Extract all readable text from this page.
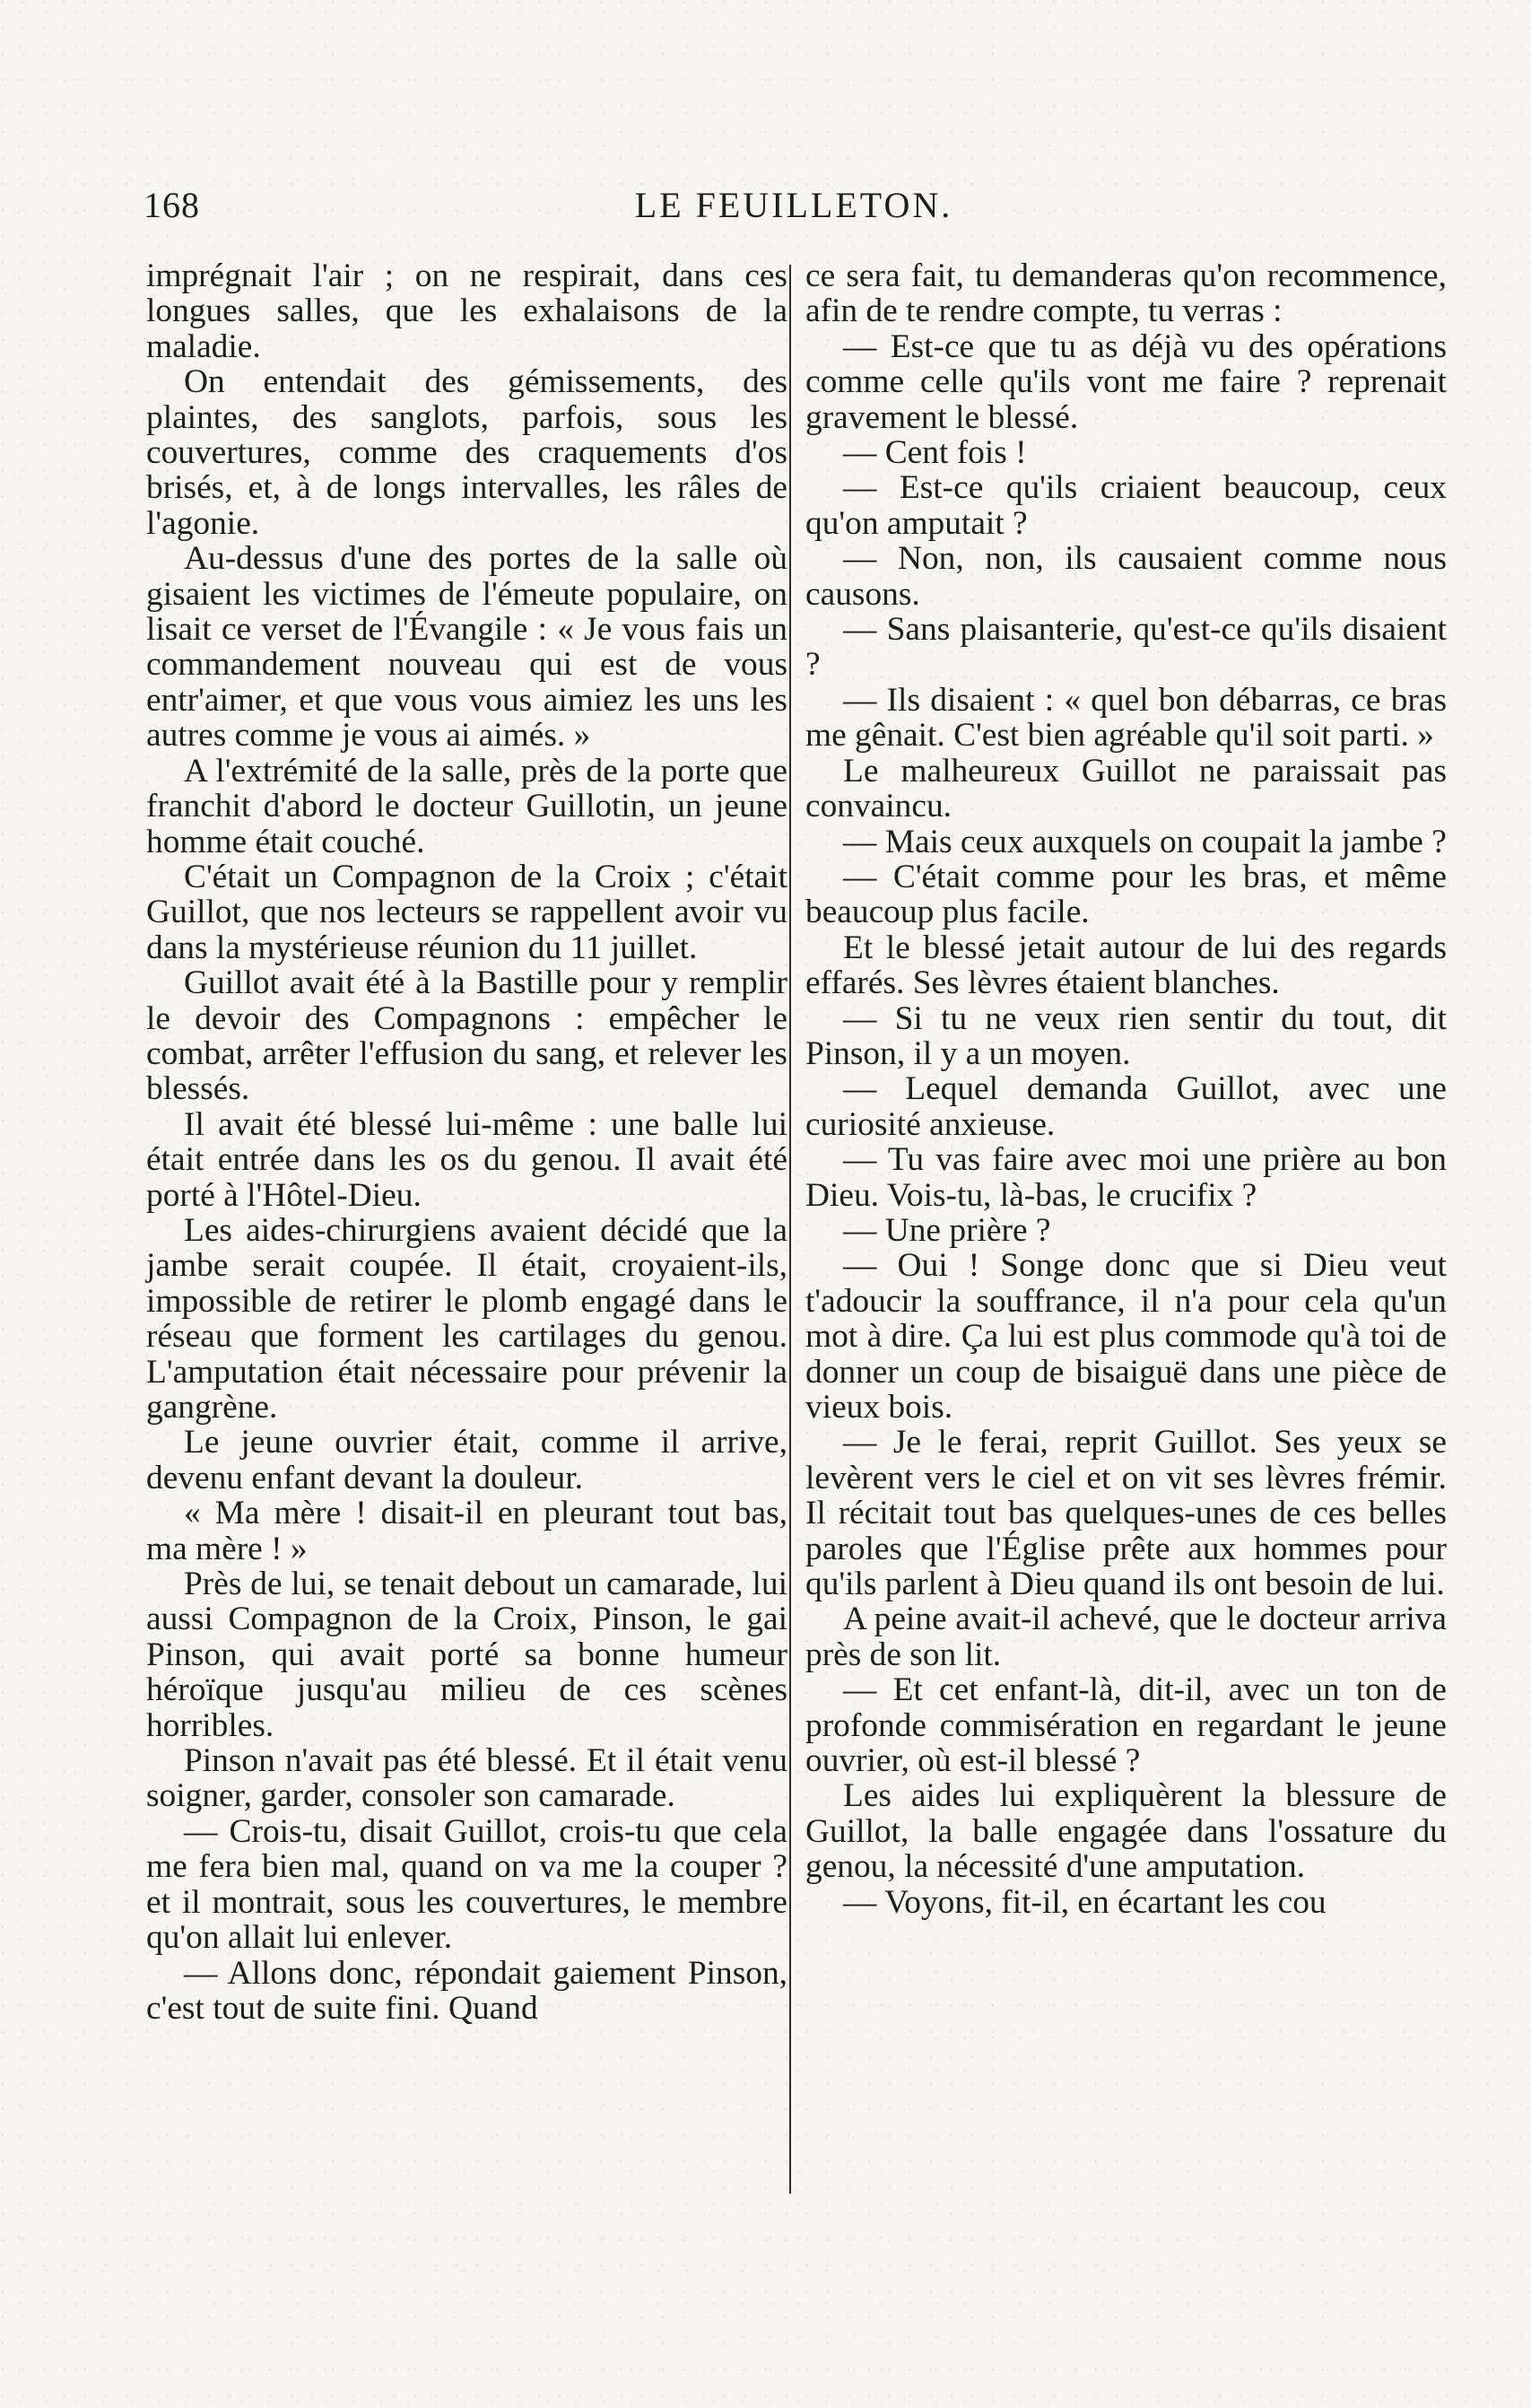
168	LE FEUILLETON.

imprégnait l'air ; on ne respirait, dans ces longues salles, que les exhalaisons de la maladie.

On entendait des gémissements, des plaintes, des sanglots, parfois, sous les couvertures, comme des craquements d'os brisés, et, à de longs intervalles, les râles de l'agonie.

Au-dessus d'une des portes de la salle où gisaient les victimes de l'émeute populaire, on lisait ce verset de l'Évangile : « Je vous fais un commandement nouveau qui est de vous entr'aimer, et que vous vous aimiez les uns les autres comme je vous ai aimés. »

A l'extrémité de la salle, près de la porte que franchit d'abord le docteur Guillotin, un jeune homme était couché.

C'était un Compagnon de la Croix ; c'était Guillot, que nos lecteurs se rappellent avoir vu dans la mystérieuse réunion du 11 juillet.

Guillot avait été à la Bastille pour y remplir le devoir des Compagnons : empêcher le combat, arrêter l'effusion du sang, et relever les blessés.

Il avait été blessé lui-même : une balle lui était entrée dans les os du genou. Il avait été porté à l'Hôtel-Dieu.

Les aides-chirurgiens avaient décidé que la jambe serait coupée. Il était, croyaient-ils, impossible de retirer le plomb engagé dans le réseau que forment les cartilages du genou. L'amputation était nécessaire pour prévenir la gangrène.

Le jeune ouvrier était, comme il arrive, devenu enfant devant la douleur.

« Ma mère ! disait-il en pleurant tout bas, ma mère ! »

Près de lui, se tenait debout un camarade, lui aussi Compagnon de la Croix, Pinson, le gai Pinson, qui avait porté sa bonne humeur héroïque jusqu'au milieu de ces scènes horribles.

Pinson n'avait pas été blessé. Et il était venu soigner, garder, consoler son camarade.

— Crois-tu, disait Guillot, crois-tu que cela me fera bien mal, quand on va me la couper ? et il montrait, sous les couvertures, le membre qu'on allait lui enlever.

— Allons donc, répondait gaiement Pinson, c'est tout de suite fini. Quand

ce sera fait, tu demanderas qu'on recommence, afin de te rendre compte, tu verras :

— Est-ce que tu as déjà vu des opérations comme celle qu'ils vont me faire ? reprenait gravement le blessé.

— Cent fois !

— Est-ce qu'ils criaient beaucoup, ceux qu'on amputait ?

— Non, non, ils causaient comme nous causons.

— Sans plaisanterie, qu'est-ce qu'ils disaient ?

— Ils disaient : « quel bon débarras, ce bras me gênait. C'est bien agréable qu'il soit parti. »

Le malheureux Guillot ne paraissait pas convaincu.

— Mais ceux auxquels on coupait la jambe ?

— C'était comme pour les bras, et même beaucoup plus facile.

Et le blessé jetait autour de lui des regards effarés. Ses lèvres étaient blanches.

— Si tu ne veux rien sentir du tout, dit Pinson, il y a un moyen.

— Lequel demanda Guillot, avec une curiosité anxieuse.

— Tu vas faire avec moi une prière au bon Dieu. Vois-tu, là-bas, le crucifix ?

— Une prière ?

— Oui ! Songe donc que si Dieu veut t'adoucir la souffrance, il n'a pour cela qu'un mot à dire. Ça lui est plus commode qu'à toi de donner un coup de bisaiguë dans une pièce de vieux bois.

— Je le ferai, reprit Guillot. Ses yeux se levèrent vers le ciel et on vit ses lèvres frémir. Il récitait tout bas quelques-unes de ces belles paroles que l'Église prête aux hommes pour qu'ils parlent à Dieu quand ils ont besoin de lui.

A peine avait-il achevé, que le docteur arriva près de son lit.

— Et cet enfant-là, dit-il, avec un ton de profonde commisération en regardant le jeune ouvrier, où est-il blessé ?

Les aides lui expliquèrent la blessure de Guillot, la balle engagée dans l'ossature du genou, la nécessité d'une amputation.

— Voyons, fit-il, en écartant les cou
